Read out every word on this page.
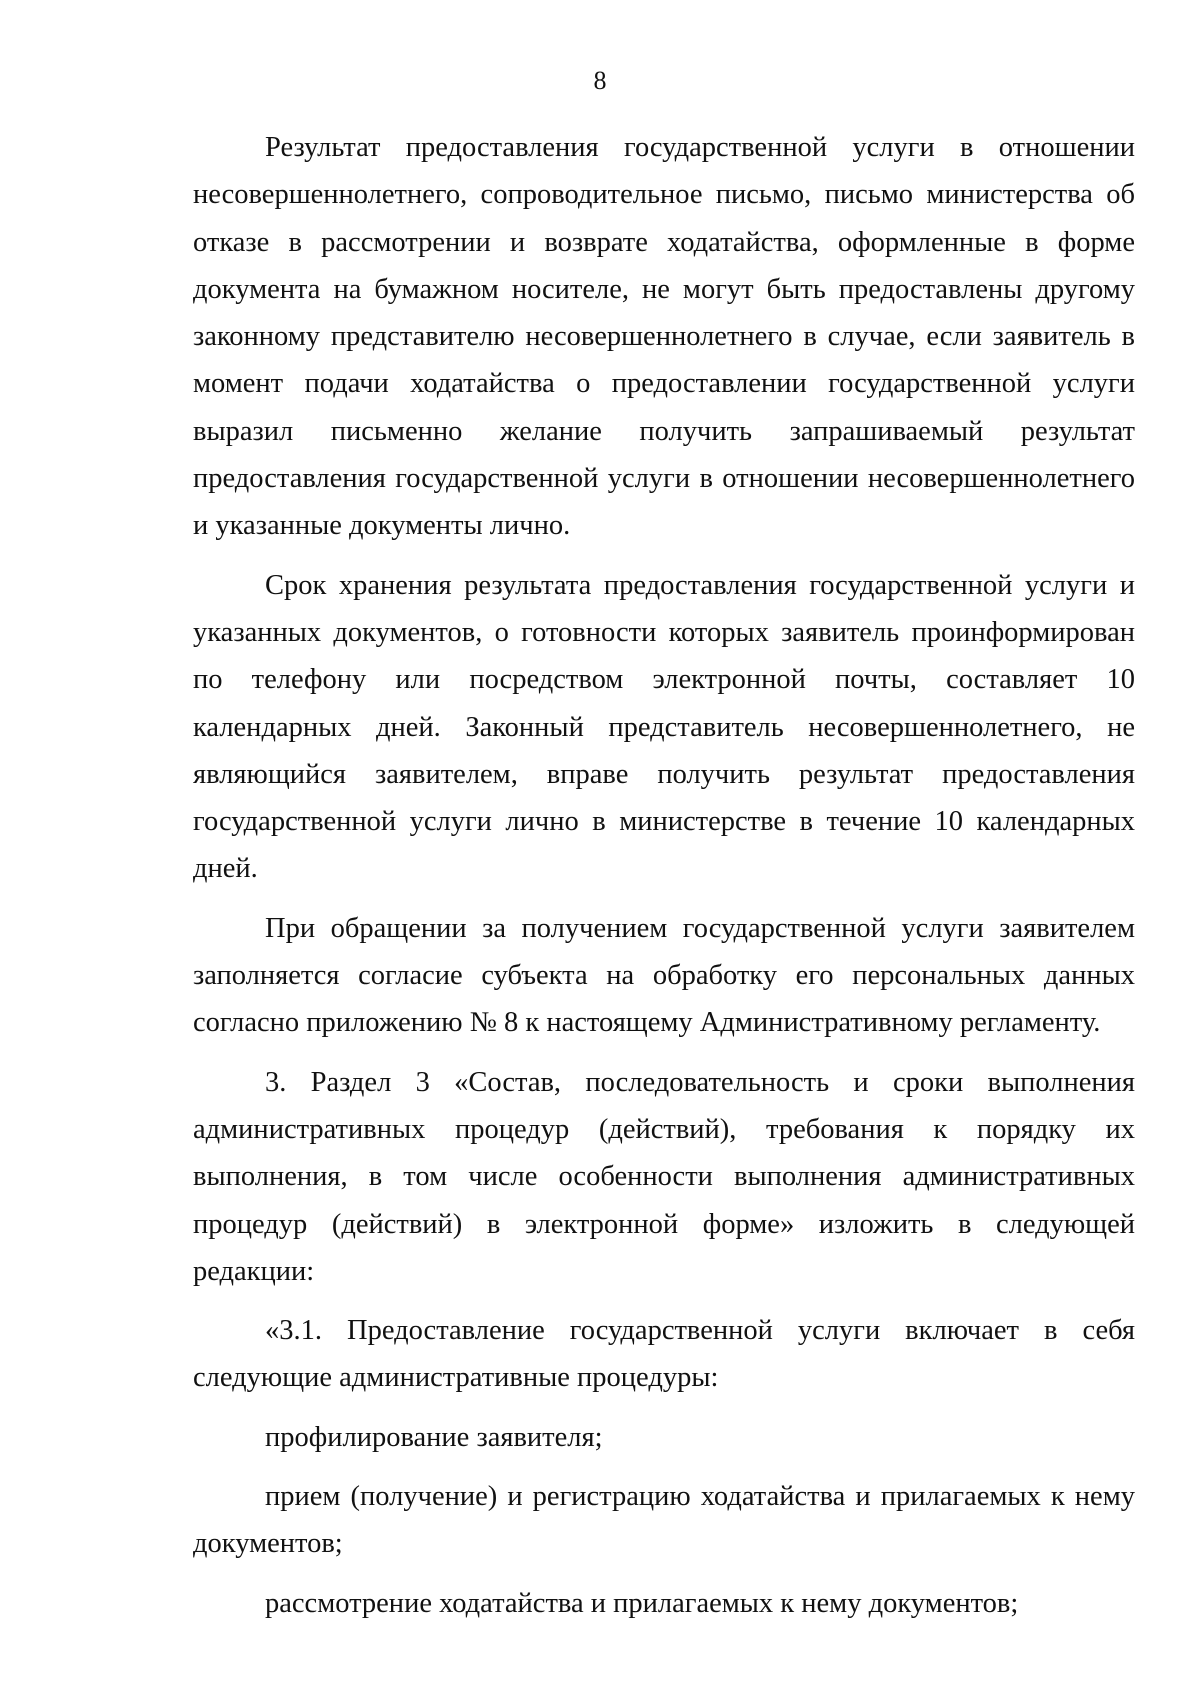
8

Результат предоставления государственной услуги в отношении несовершеннолетнего, сопроводительное письмо, письмо министерства об отказе в рассмотрении и возврате ходатайства, оформленные в форме документа на бумажном носителе, не могут быть предоставлены другому законному представителю несовершеннолетнего в случае, если заявитель в момент подачи ходатайства о предоставлении государственной услуги выразил письменно желание получить запрашиваемый результат предоставления государственной услуги в отношении несовершеннолетнего и указанные документы лично.

Срок хранения результата предоставления государственной услуги и указанных документов, о готовности которых заявитель проинформирован по телефону или посредством электронной почты, составляет 10 календарных дней. Законный представитель несовершеннолетнего, не являющийся заявителем, вправе получить результат предоставления государственной услуги лично в министерстве в течение 10 календарных дней.

При обращении за получением государственной услуги заявителем заполняется согласие субъекта на обработку его персональных данных согласно приложению № 8 к настоящему Административному регламенту.

3. Раздел 3 «Состав, последовательность и сроки выполнения административных процедур (действий), требования к порядку их выполнения, в том числе особенности выполнения административных процедур (действий) в электронной форме» изложить в следующей редакции:

«3.1. Предоставление государственной услуги включает в себя следующие административные процедуры:

профилирование заявителя;

прием (получение) и регистрацию ходатайства и прилагаемых к нему документов;

рассмотрение ходатайства и прилагаемых к нему документов;
